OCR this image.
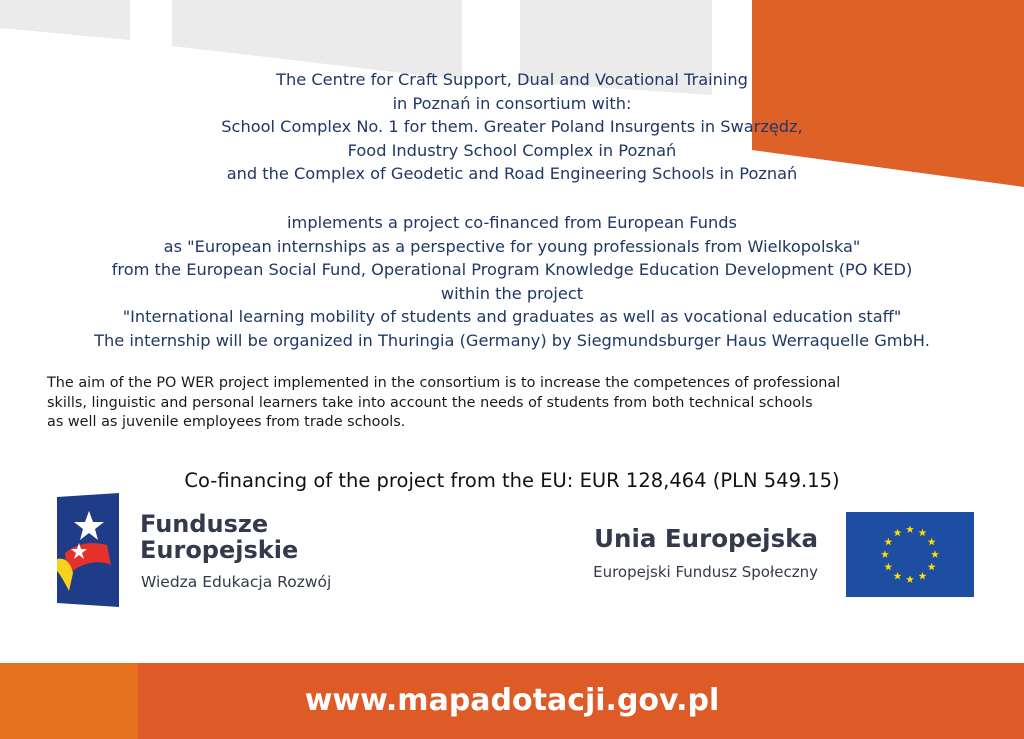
The Centre for Craft Support, Dual and Vocational Training

in Poznań in consortium with:

School Complex No. 1 for them. Greater Poland Insurgents in Swarzędz,

Food Industry School Complex in Poznań

and the Complex of Geodetic and Road Engineering Schools in Poznań

implements a project co-financed from European Funds

as "European internships as a perspective for young professionals from Wielkopolska"

from the European Social Fund, Operational Program Knowledge Education Development (PO KED)

within the project

"International learning mobility of students and graduates as well as vocational education staff"

The internship will be organized in Thuringia (Germany) by Siegmundsburger Haus Werraquelle GmbH.

The aim of the PO WER project implemented in the consortium is to increase the competences of professional

skills, linguistic and personal learners take into account the needs of students from both technical schools

as well as juvenile employees from trade schools.

Co-financing of the project from the EU: EUR 128,464 (PLN 549.15)
Fundusze
Europejskie
Wiedza Edukacja Rozwój
Unia Europejska
Europejski Fundusz Społeczny
www.mapadotacji.gov.pl
